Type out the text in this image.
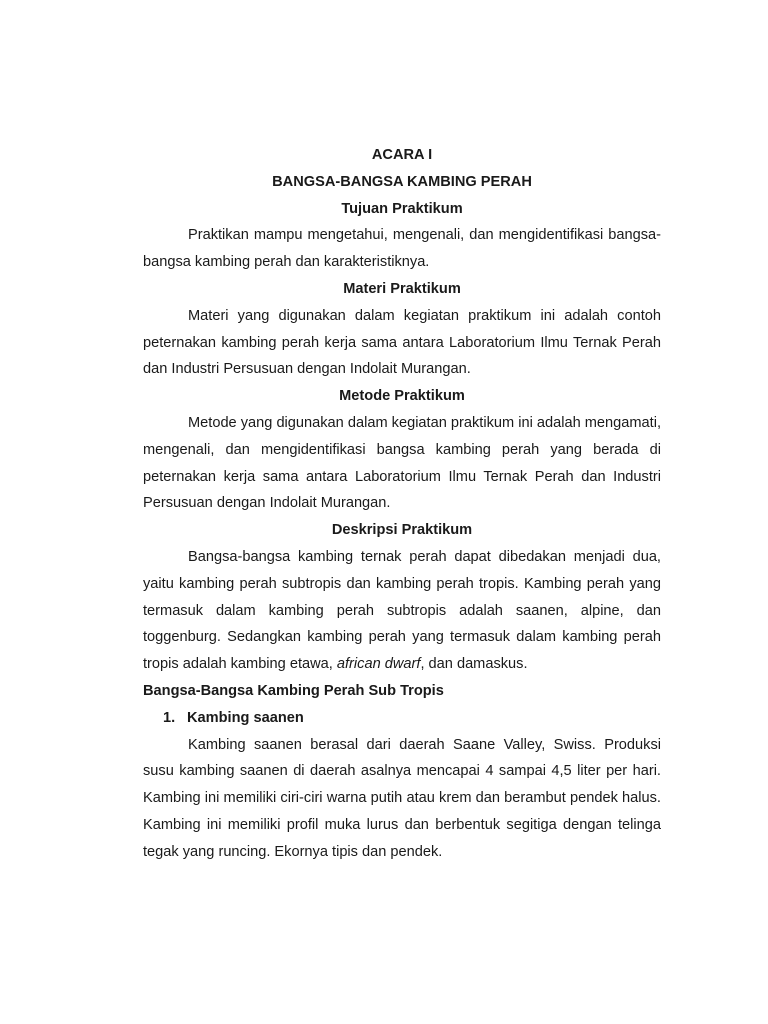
ACARA I

BANGSA-BANGSA KAMBING PERAH

Tujuan Praktikum

Praktikan mampu mengetahui, mengenali, dan mengidentifikasi bangsa-bangsa kambing perah dan karakteristiknya.

Materi Praktikum

Materi yang digunakan dalam kegiatan praktikum ini adalah contoh peternakan kambing perah kerja sama antara Laboratorium Ilmu Ternak Perah dan Industri Persusuan dengan Indolait Murangan.

Metode Praktikum

Metode yang digunakan dalam kegiatan praktikum ini adalah mengamati, mengenali, dan mengidentifikasi bangsa kambing perah yang berada di peternakan kerja sama antara Laboratorium Ilmu Ternak Perah dan Industri Persusuan dengan Indolait Murangan.

Deskripsi Praktikum

Bangsa-bangsa kambing ternak perah dapat dibedakan menjadi dua, yaitu kambing perah subtropis dan kambing perah tropis. Kambing perah yang termasuk dalam kambing perah subtropis adalah saanen, alpine, dan toggenburg. Sedangkan kambing perah yang termasuk dalam kambing perah tropis adalah kambing etawa, african dwarf, dan damaskus.

Bangsa-Bangsa Kambing Perah Sub Tropis

1. Kambing saanen

Kambing saanen berasal dari daerah Saane Valley, Swiss. Produksi susu kambing saanen di daerah asalnya mencapai 4 sampai 4,5 liter per hari. Kambing ini memiliki ciri-ciri warna putih atau krem dan berambut pendek halus. Kambing ini memiliki profil muka lurus dan berbentuk segitiga dengan telinga tegak yang runcing. Ekornya tipis dan pendek.
